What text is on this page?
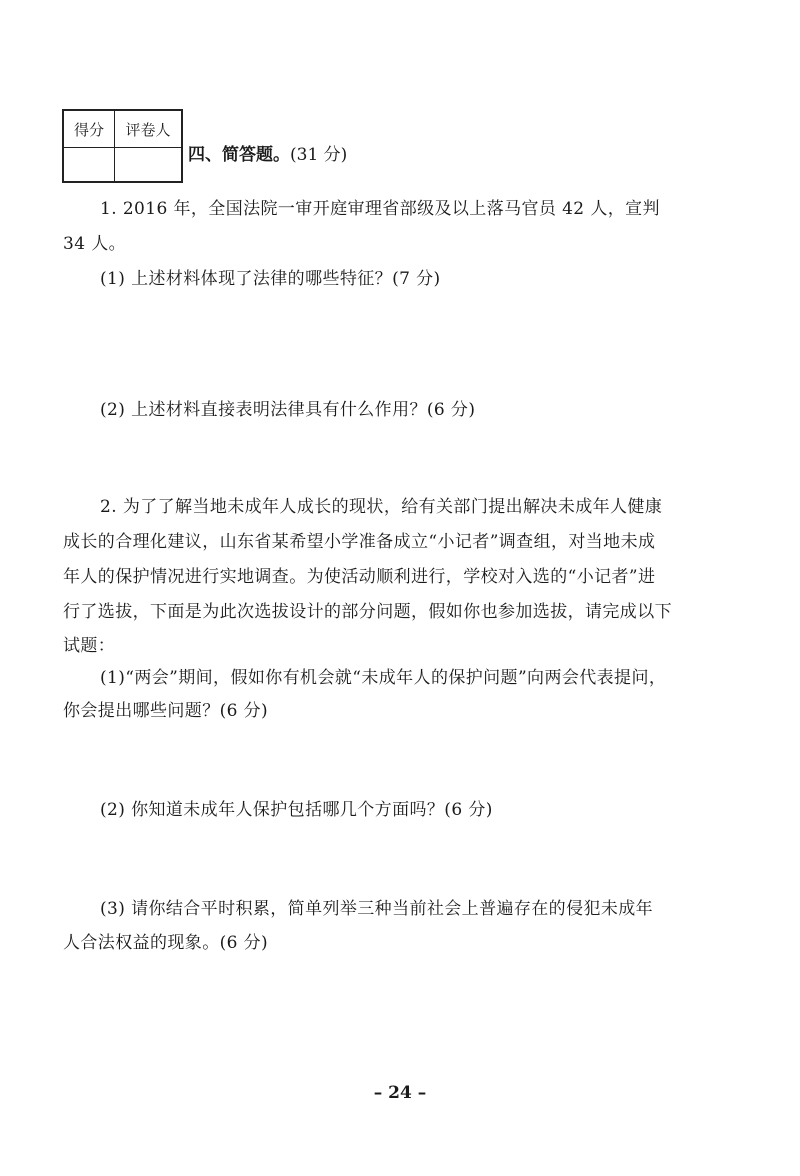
得分	评卷人
四、简答题。(31 分)
1. 2016 年，全国法院一审开庭审理省部级及以上落马官员 42 人，宣判
34 人。
(1) 上述材料体现了法律的哪些特征？(7 分)
(2) 上述材料直接表明法律具有什么作用？(6 分)
2. 为了了解当地未成年人成长的现状，给有关部门提出解决未成年人健康
成长的合理化建议，山东省某希望小学准备成立“小记者”调查组，对当地未成
年人的保护情况进行实地调查。为使活动顺利进行，学校对入选的“小记者”进
行了选拔，下面是为此次选拔设计的部分问题，假如你也参加选拔，请完成以下
试题：
(1)“两会”期间，假如你有机会就“未成年人的保护问题”向两会代表提问，
你会提出哪些问题？(6 分)
(2) 你知道未成年人保护包括哪几个方面吗？(6 分)
(3) 请你结合平时积累，简单列举三种当前社会上普遍存在的侵犯未成年
人合法权益的现象。(6 分)
– 24 –
